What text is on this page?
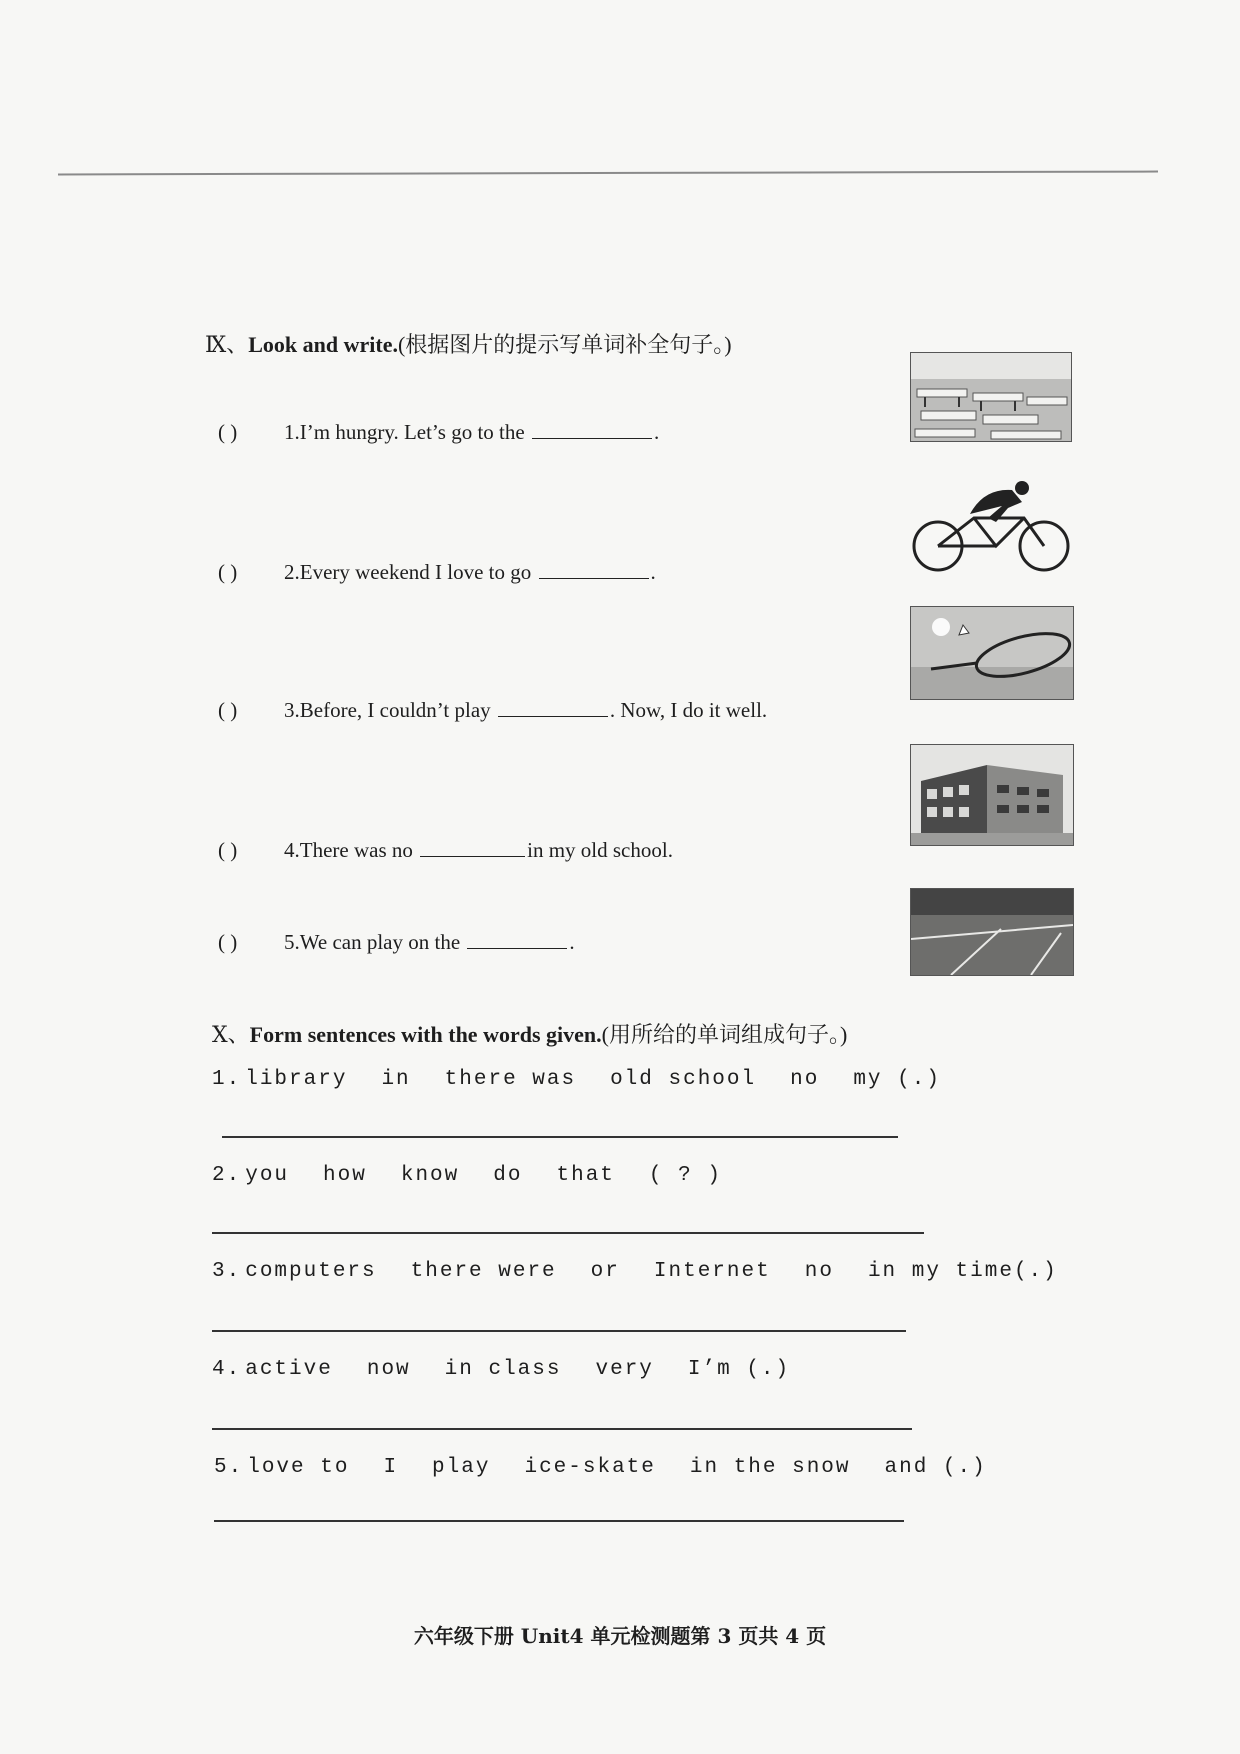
Ⅸ、Look and write.(根据图片的提示写单词补全句子。)
( ) 1.I’m hungry. Let’s go to the	.
( ) 2.Every weekend I love to go	.
( ) 3.Before, I couldn’t play	. Now, I do it well.
( ) 4.There was no	in my old school.
( ) 5.We can play on the	.
Ⅹ、Form sentences with the words given.(用所给的单词组成句子。)
1. library in there was old school no my (.)
2. you how know do that ( ? )
3. computers there were or Internet no in my time(.)
4. active now in class very I’m (.)
5. love to I play ice-skate in the snow and (.)
六年级下册 Unit4 单元检测题第 3 页共 4 页
